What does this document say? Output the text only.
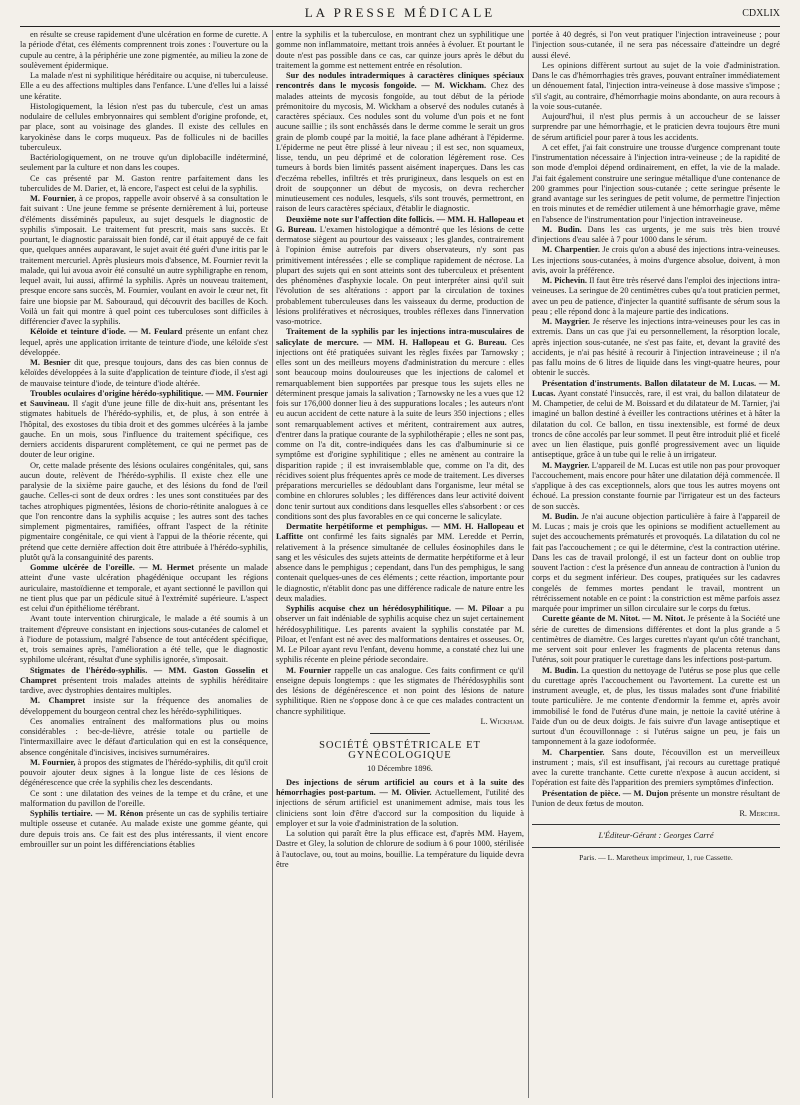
LA PRESSE MÉDICALE	CDXLIX

en résulte se creuse rapidement d'une ulcération en forme de curette. A la période d'état, ces éléments comprennent trois zones : l'ouverture ou la cupule au centre, à la périphérie une zone pigmentée, au milieu la zone de soulèvement épidermique.

La malade n'est ni syphilitique héréditaire ou acquise, ni tuberculeuse. Elle a eu des affections multiples dans l'enfance. L'une d'elles lui a laissé une kératite.

Histologiquement, la lésion n'est pas du tubercule, c'est un amas nodulaire de cellules embryonnaires qui semblent d'origine profonde, et, par place, sont au voisinage des glandes. Il existe des cellules en karyokinèse dans le corps muqueux. Pas de follicules ni de bacilles tuberculeux.

Bactériologiquement, on ne trouve qu'un diplobacille indéterminé, seulement par la culture et non dans les coupes.

Ce cas présenté par M. Gaston rentre parfaitement dans les tuberculides de M. Darier, et, là encore, l'aspect est celui de la syphilis.

M. Fournier, à ce propos, rappelle avoir observé à sa consultation le fait suivant : Une jeune femme se présente dernièrement à lui, porteuse d'éléments disséminés papuleux, au sujet desquels le diagnostic de syphilis s'imposait. Le traitement fut prescrit, mais sans succès. Et pourtant, le diagnostic paraissait bien fondé, car il était appuyé de ce fait que, quelques années auparavant, le sujet avait été guéri d'une iritis par le traitement mercuriel. Après plusieurs mois d'absence, M. Fournier revit la malade, qui lui avoua avoir été consulté un autre syphiligraphe en renom, lequel avait, lui aussi, affirmé la syphilis. Après un nouveau traitement, presque encore sans succès, M. Fournier, voulant en avoir le cœur net, fit faire une biopsie par M. Sabouraud, qui découvrit des bacilles de Koch. Voilà un fait qui montre à quel point ces tuberculoses sont difficiles à différencier d'avec la syphilis.

Kéloïde et teinture d'iode. — M. Feulard présente un enfant chez lequel, après une application irritante de teinture d'iode, une kéloïde s'est développée.

M. Besnier dit que, presque toujours, dans des cas bien connus de kéloïdes développées à la suite d'application de teinture d'iode, il s'est agi de mauvaise teinture d'iode, de teinture d'iode altérée.

Troubles oculaires d'origine hérédo-syphilitique. — MM. Fournier et Sauvineau. Il s'agit d'une jeune fille de dix-huit ans, présentant les stigmates habituels de l'hérédo-syphilis, et, de plus, à son entrée à l'hôpital, des exostoses du tibia droit et des gommes ulcérées à la jambe gauche. En un mois, sous l'influence du traitement spécifique, ces derniers accidents disparurent complètement, ce qui ne permet pas de douter de leur origine.

Or, cette malade présente des lésions oculaires congénitales, qui, sans aucun doute, relèvent de l'hérédo-syphilis. Il existe chez elle une paralysie de la sixième paire gauche, et des lésions du fond de l'œil gauche. Celles-ci sont de deux ordres : les unes sont constituées par des taches atrophiques pigmentées, lésions de chorio-rétinite analogues à ce que l'on rencontre dans la syphilis acquise ; les autres sont des taches simplement pigmentaires, ramifiées, offrant l'aspect de la rétinite pigmentaire congénitale, ce qui vient à l'appui de la théorie récente, qui prétend que cette dernière affection doit être attribuée à l'hérédo-syphilis, plutôt qu'à la consanguinité des parents.

Gomme ulcérée de l'oreille. — M. Hermet présente un malade atteint d'une vaste ulcération phagédénique occupant les régions auriculaire, mastoïdienne et temporale, et ayant sectionné le pavillon qui ne tient plus que par un pédicule situé à l'extrémité supérieure. L'aspect est celui d'un épithéliome térébrant.

Avant toute intervention chirurgicale, le malade a été soumis à un traitement d'épreuve consistant en injections sous-cutanées de calomel et à l'iodure de potassium, malgré l'absence de tout antécédent spécifique, et, trois semaines après, l'amélioration a été telle, que le diagnostic syphilome ulcérant, résultat d'une syphilis ignorée, s'imposait.

Stigmates de l'hérédo-syphilis. — MM. Gaston Gosselin et Champret présentent trois malades atteints de syphilis héréditaire tardive, avec dystrophies dentaires multiples.

M. Champret insiste sur la fréquence des anomalies de développement du bourgeon central chez les hérédo-syphilitiques.

Ces anomalies entraînent des malformations plus ou moins considérables : bec-de-lièvre, atrésie totale ou partielle de l'intermaxillaire avec le défaut d'articulation qui en est la conséquence, absence congénitale d'incisives, incisives surnuméraires.

M. Fournier, à propos des stigmates de l'hérédo-syphilis, dit qu'il croit pouvoir ajouter deux signes à la longue liste de ces lésions de dégénérescence que crée la syphilis chez les descendants.

Ce sont : une dilatation des veines de la tempe et du crâne, et une malformation du pavillon de l'oreille.

Syphilis tertiaire. — M. Rénon présente un cas de syphilis tertiaire multiple osseuse et cutanée. Au malade existe une gomme géante, qui dure depuis trois ans. Ce fait est des plus intéressants, il vient encore embrouiller sur un point les différenciations établies

entre la syphilis et la tuberculose, en montrant chez un syphilitique une gomme non inflammatoire, mettant trois années à évoluer. Et pourtant le doute n'est pas possible dans ce cas, car quinze jours après le début du traitement la gomme est nettement entrée en résolution.

Sur des nodules intradermiques à caractères cliniques spéciaux rencontrés dans le mycosis fongoïde. — M. Wickham. Chez des malades atteints de mycosis fongoïde, au tout début de la période prémonitoire du mycosis, M. Wickham a observé des nodules cutanés à caractères spéciaux. Ces nodules sont du volume d'un pois et ne font aucune saillie ; ils sont enchâssés dans le derme comme le serait un gros grain de plomb coupé par la moitié, la face plane adhérant à l'épiderme. L'épiderme ne peut être plissé à leur niveau ; il est sec, non squameux, lisse, tendu, un peu déprimé et de coloration légèrement rose. Ces tumeurs à bords bien limités passent aisément inaperçues. Dans les cas d'eczéma rebelles, infiltrés et très prurigineux, dans lesquels on est en droit de soupçonner un début de mycosis, on devra rechercher minutieusement ces nodules, lesquels, s'ils sont trouvés, permettront, en raison de leurs caractères spéciaux, d'établir le diagnostic.

Deuxième note sur l'affection dite follicis. — MM. H. Hallopeau et G. Bureau. L'examen histologique a démontré que les lésions de cette dermatose siègent au pourtour des vaisseaux ; les glandes, contrairement à l'opinion émise autrefois par divers observateurs, n'y sont pas primitivement intéressées ; elle se complique rapidement de nécrose. La plupart des sujets qui en sont atteints sont des tuberculeux et présentent des phénomènes d'asphyxie locale. On peut interpréter ainsi qu'il suit l'évolution de ses altérations : apport par la circulation de toxines probablement tuberculeuses dans les vaisseaux du derme, production de lésions prolifératives et nécrosiques, troubles réflexes dans l'innervation vaso-motrice.

Traitement de la syphilis par les injections intra-musculaires de salicylate de mercure. — MM. H. Hallopeau et G. Bureau. Ces injections ont été pratiquées suivant les règles fixées par Tarnowsky ; elles sont un des meilleurs moyens d'administration du mercure : elles sont beaucoup moins douloureuses que les injections de calomel et remarquablement bien supportées par presque tous les sujets elles ne déterminent presque jamais la salivation ; Tarnowsky ne les a vues que 12 fois sur 176,000 donner lieu à des suppurations locales ; les auteurs n'ont eu aucun accident de cette nature à la suite de leurs 350 injections ; elles sont remarquablement actives et méritent, contrairement aux autres, d'entrer dans la pratique courante de la syphilothérapie ; elles ne sont pas, comme on l'a dit, contre-indiquées dans les cas d'albuminurie si ce symptôme est d'origine syphilitique ; elles ne amènent au contraire la disparition rapide ; il est invraisemblable que, comme on l'a dit, des récidives soient plus fréquentes après ce mode de traitement. Les diverses préparations mercurielles se dédoublant dans l'organisme, leur métal se combine en chlorures solubles ; les différences dans leur activité doivent donc tenir surtout aux conditions dans lesquelles elles s'absorbent : or ces conditions sont des plus favorables en ce qui concerne le salicylate.

Dermatite herpétiforme et pemphigus. — MM. H. Hallopeau et Laffitte ont confirmé les faits signalés par MM. Leredde et Perrin, relativement à la présence simultanée de cellules éosinophiles dans le sang et les vésicules des sujets atteints de dermatite herpétiforme et à leur absence dans le pemphigus ; cependant, dans l'un des pemphigus, le sang contenait quelques-unes de ces éléments ; cette réaction, importante pour le diagnostic, n'établit donc pas une différence radicale de nature entre les deux maladies.

Syphilis acquise chez un hérédosyphilitique. — M. Piloar a pu observer un fait indéniable de syphilis acquise chez un sujet certainement hérédosyphilitique. Les parents avaient la syphilis constatée par M. Piloar, et l'enfant est né avec des malformations dentaires et osseuses. Or, M. Le Piloar ayant revu l'enfant, devenu homme, a constaté chez lui une syphilis récente en pleine période secondaire.

M. Fournier rappelle un cas analogue. Ces faits confirment ce qu'il enseigne depuis longtemps : que les stigmates de l'hérédosyphilis sont des lésions de dégénérescence et non point des lésions de nature syphilitique. Rien ne s'oppose donc à ce que ces malades contractent un chancre syphilitique.

L. Wickham.

SOCIÉTÉ OBSTÉTRICALE ET GYNÉCOLOGIQUE

10 Décembre 1896.

Des injections de sérum artificiel au cours et à la suite des hémorrhagies post-partum. — M. Olivier. Actuellement, l'utilité des injections de sérum artificiel est unanimement admise, mais tous les cliniciens sont loin d'être d'accord sur la composition du liquide à employer et sur la voie d'administration de la solution.

La solution qui paraît être la plus efficace est, d'après MM. Hayem, Dastre et Gley, la solution de chlorure de sodium à 6 pour 1000, stérilisée à l'autoclave, ou, tout au moins, bouillie. La température du liquide devra être

portée à 40 degrés, si l'on veut pratiquer l'injection intraveineuse ; pour l'injection sous-cutanée, il ne sera pas nécessaire d'atteindre un degré aussi élevé.

Les opinions diffèrent surtout au sujet de la voie d'administration. Dans le cas d'hémorrhagies très graves, pouvant entraîner immédiatement un dénouement fatal, l'injection intra-veineuse à dose massive s'impose ; s'il s'agit, au contraire, d'hémorrhagie moins abondante, on aura recours à la voie sous-cutanée.

Aujourd'hui, il n'est plus permis à un accoucheur de se laisser surprendre par une hémorrhagie, et le praticien devra toujours être muni de sérum artificiel pour parer à tous les accidents.

A cet effet, j'ai fait construire une trousse d'urgence comprenant toute l'instrumentation nécessaire à l'injection intra-veineuse ; de la rapidité de son mode d'emploi dépend ordinairement, en effet, la vie de la malade. J'ai fait également construire une seringue métallique d'une contenance de 200 grammes pour l'injection sous-cutanée ; cette seringue présente le grand avantage sur les seringues de petit volume, de permettre l'injection en trois minutes et de remédier utilement à une hémorrhagie grave, même en l'absence de l'instrumentation pour l'injection intraveineuse.

M. Budin. Dans les cas urgents, je me suis très bien trouvé d'injections d'eau salée à 7 pour 1000 dans le sérum.

M. Charpentier. Je crois qu'on a abusé des injections intra-veineuses. Les injections sous-cutanées, à moins d'urgence absolue, doivent, à mon avis, avoir la préférence.

M. Pichevin. Il faut être très réservé dans l'emploi des injections intra-veineuses. La seringue de 20 centimètres cubes qu'a tout praticien permet, avec un peu de patience, d'injecter la quantité suffisante de sérum sous la peau ; elle répond donc à la majeure partie des indications.

M. Maygrier. Je réserve les injections intra-veineuses pour les cas in extremis. Dans un cas que j'ai eu personnellement, la résorption locale, après injection sous-cutanée, ne s'est pas faite, et, devant la gravité des accidents, je n'ai pas hésité à recourir à l'injection intraveineuse ; il n'a pas fallu moins de 6 litres de liquide dans les vingt-quatre heures, pour obtenir le succès.

Présentation d'instruments. Ballon dilatateur de M. Lucas. — M. Lucas. Ayant constaté l'insuccès, rare, il est vrai, du ballon dilatateur de M. Champetier, de celui de M. Boissard et du dilatateur de M. Tarnier, j'ai imaginé un ballon destiné à éveiller les contractions utérines et à hâter la dilatation du col. Ce ballon, en tissu inextensible, est formé de deux troncs de cône accolés par leur sommet. Il peut être introduit plié et ficelé avec un lien élastique, puis gonflé progressivement avec un liquide antiseptique, grâce à un tube qui le relie à un irrigateur.

M. Maygrier. L'appareil de M. Lucas est utile non pas pour provoquer l'accouchement, mais encore pour hâter une dilatation déjà commencée. Il s'applique à des cas exceptionnels, alors que tous les autres moyens ont échoué. La pression constante fournie par l'irrigateur est un des facteurs de son succès.

M. Budin. Je n'ai aucune objection particulière à faire à l'appareil de M. Lucas ; mais je crois que les opinions se modifient actuellement au sujet des accouchements prématurés et provoqués. La dilatation du col ne fait pas l'accouchement ; ce qui le détermine, c'est la contraction utérine. Dans les cas de travail prolongé, il est un facteur dont on oublie trop souvent l'action : c'est la présence d'un anneau de contraction à l'union du corps et du segment inférieur. Des coupes, pratiquées sur les cadavres congelés de femmes mortes pendant le travail, montrent un rétrécissement notable en ce point : la constriction est même parfois assez marquée pour imprimer un sillon circulaire sur le corps du fœtus.

Curette géante de M. Nitot. — M. Nitot. Je présente à la Société une série de curettes de dimensions différentes et dont la plus grande a 5 centimètres de diamètre. Ces larges curettes n'ayant qu'un côté tranchant, me servent soit pour enlever les fragments de placenta retenus dans l'utérus, soit pour pratiquer le curettage dans les infections post-partum.

M. Budin. La question du nettoyage de l'utérus se pose plus que celle du curettage après l'accouchement ou l'avortement. La curette est un instrument aveugle, et, de plus, les tissus malades sont d'une friabilité toute particulière. Je me contente d'endormir la femme et, après avoir immobilisé le fond de l'utérus d'une main, je nettoie la cavité utérine à l'aide d'un ou de deux doigts. Je fais suivre d'un lavage antiseptique et surtout d'un écouvillonnage : si l'utérus saigne un peu, je fais un tamponnement à la gaze iodoformée.

M. Charpentier. Sans doute, l'écouvillon est un merveilleux instrument ; mais, s'il est insuffisant, j'ai recours au curettage pratiqué avec la curette tranchante. Cette curette n'expose à aucun accident, si l'opération est faite dès l'apparition des premiers symptômes d'infection.

Présentation de pièce. — M. Dujon présente un monstre résultant de l'union de deux fœtus de mouton.

R. Mercier.

L'Éditeur-Gérant : Georges Carré

Paris. — L. Maretheux imprimeur, 1, rue Cassette.
